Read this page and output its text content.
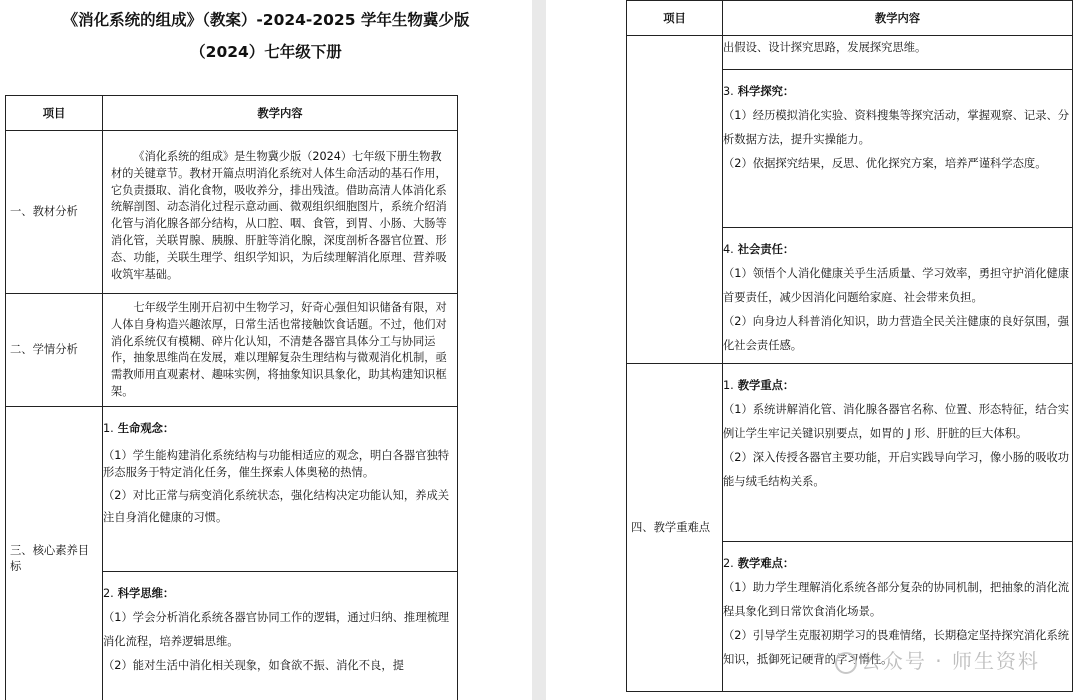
《消化系统的组成》（教案）-2024-2025 学年生物冀少版
（2024）七年级下册
项目	教学内容
一、教材分析	《消化系统的组成》是生物冀少版（2024）七年级下册生物教材的关键章节。教材开篇点明消化系统对人体生命活动的基石作用，它负责摄取、消化食物，吸收养分，排出残渣。借助高清人体消化系统解剖图、动态消化过程示意动画、微观组织细胞图片，系统介绍消化管与消化腺各部分结构，从口腔、咽、食管，到胃、小肠、大肠等消化管，关联胃腺、胰腺、肝脏等消化腺，深度剖析各器官位置、形态、功能，关联生理学、组织学知识，为后续理解消化原理、营养吸收筑牢基础。

二、学情分析	七年级学生刚开启初中生物学习，好奇心强但知识储备有限，对人体自身构造兴趣浓厚，日常生活也常接触饮食话题。不过，他们对消化系统仅有模糊、碎片化认知，不清楚各器官具体分工与协同运作，抽象思维尚在发展，难以理解复杂生理结构与微观消化机制，亟需教师用直观素材、趣味实例，将抽象知识具象化，助其构建知识框架。

三、核心素养目标	1. 生命观念：

（1）学生能构建消化系统结构与功能相适应的观念，明白各器官独特形态服务于特定消化任务，催生探索人体奥秘的热情。

（2）对比正常与病变消化系统状态，强化结构决定功能认知，养成关注自身消化健康的习惯。

	2. 科学思维：

（1）学会分析消化系统各器官协同工作的逻辑，通过归纳、推理梳理消化流程，培养逻辑思维。

（2）能对生活中消化相关现象，如食欲不振、消化不良，提

项目	教学内容

	出假设、设计探究思路，发展探究思维。

	3. 科学探究：

（1）经历模拟消化实验、资料搜集等探究活动，掌握观察、记录、分析数据方法，提升实操能力。

（2）依据探究结果，反思、优化探究方案，培养严谨科学态度。

	4. 社会责任：

（1）领悟个人消化健康关乎生活质量、学习效率，勇担守护消化健康首要责任，减少因消化问题给家庭、社会带来负担。

（2）向身边人科普消化知识，助力营造全民关注健康的良好氛围，强化社会责任感。

四、教学重难点	1. 教学重点：

（1）系统讲解消化管、消化腺各器官名称、位置、形态特征，结合实例让学生牢记关键识别要点，如胃的 J 形、肝脏的巨大体积。

（2）深入传授各器官主要功能，开启实践导向学习，像小肠的吸收功能与绒毛结构关系。

	2. 教学难点：

（1）助力学生理解消化系统各部分复杂的协同机制，把抽象的消化流程具象化到日常饮食消化场景。

（2）引导学生克服初期学习的畏难情绪，长期稳定坚持探究消化系统知识，抵御死记硬背的学习惰性。

公众号 · 师生资料
